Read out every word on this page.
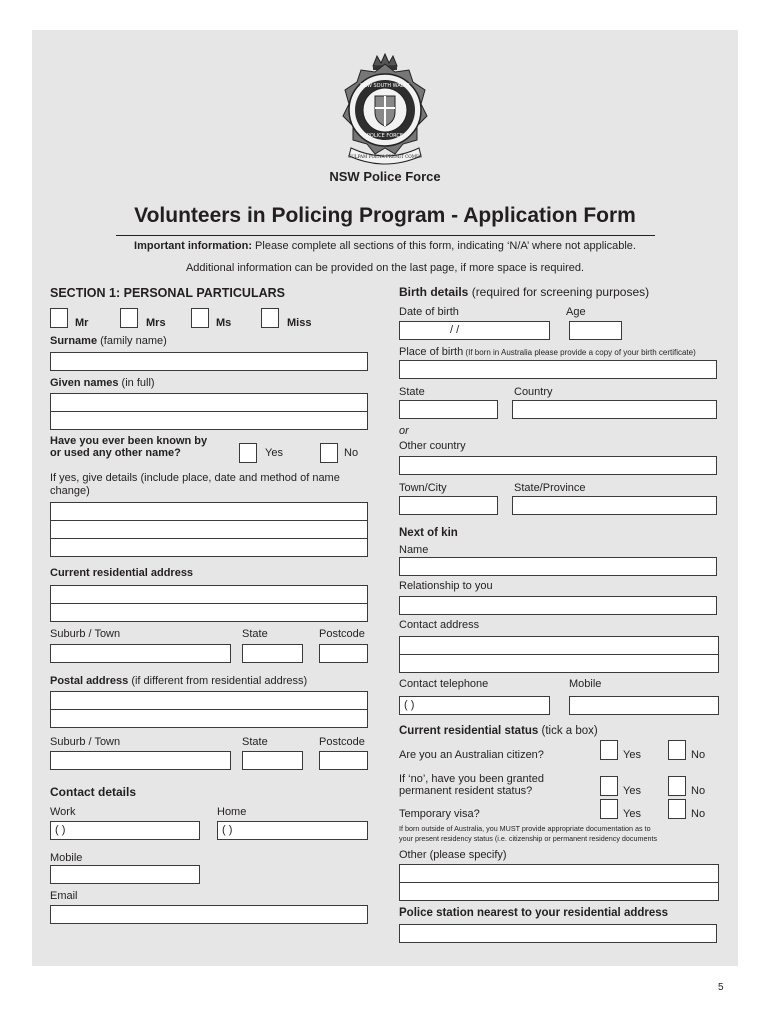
NEW SOUTH WALES
POLICE FORCE
CULPAM POENA PREMIT COMES
NSW Police Force
Volunteers in Policing Program - Application Form
Important information: Please complete all sections of this form, indicating ‘N/A’ where not applicable.
Additional information can be provided on the last page, if more space is required.
SECTION 1: PERSONAL PARTICULARS
Mr	Mrs	Ms	Miss
Surname (family name)
Given names (in full)
Have you ever been known by
or used any other name?	Yes	No
If yes, give details (include place, date and method of name
change)
Current residential address
Suburb / Town	State	Postcode
Postal address (if different from residential address)
Suburb / Town	State	Postcode
Contact details
Work	Home
( )	( )
Mobile
Email
Birth details (required for screening purposes)
Date of birth	Age
/ /
Place of birth (If born in Australia please provide a copy of your birth certificate)
State	Country
or
Other country
Town/City	State/Province
Next of kin
Name
Relationship to you
Contact address
Contact telephone	Mobile
( )
Current residential status (tick a box)
Are you an Australian citizen?	Yes	No
If ‘no’, have you been granted
permanent resident status?	Yes	No
Temporary visa?	Yes	No
If born outside of Australia, you MUST provide appropriate documentation as to
your present residency status (i.e. citizenship or permanent residency documents
Other (please specify)
Police station nearest to your residential address
5
